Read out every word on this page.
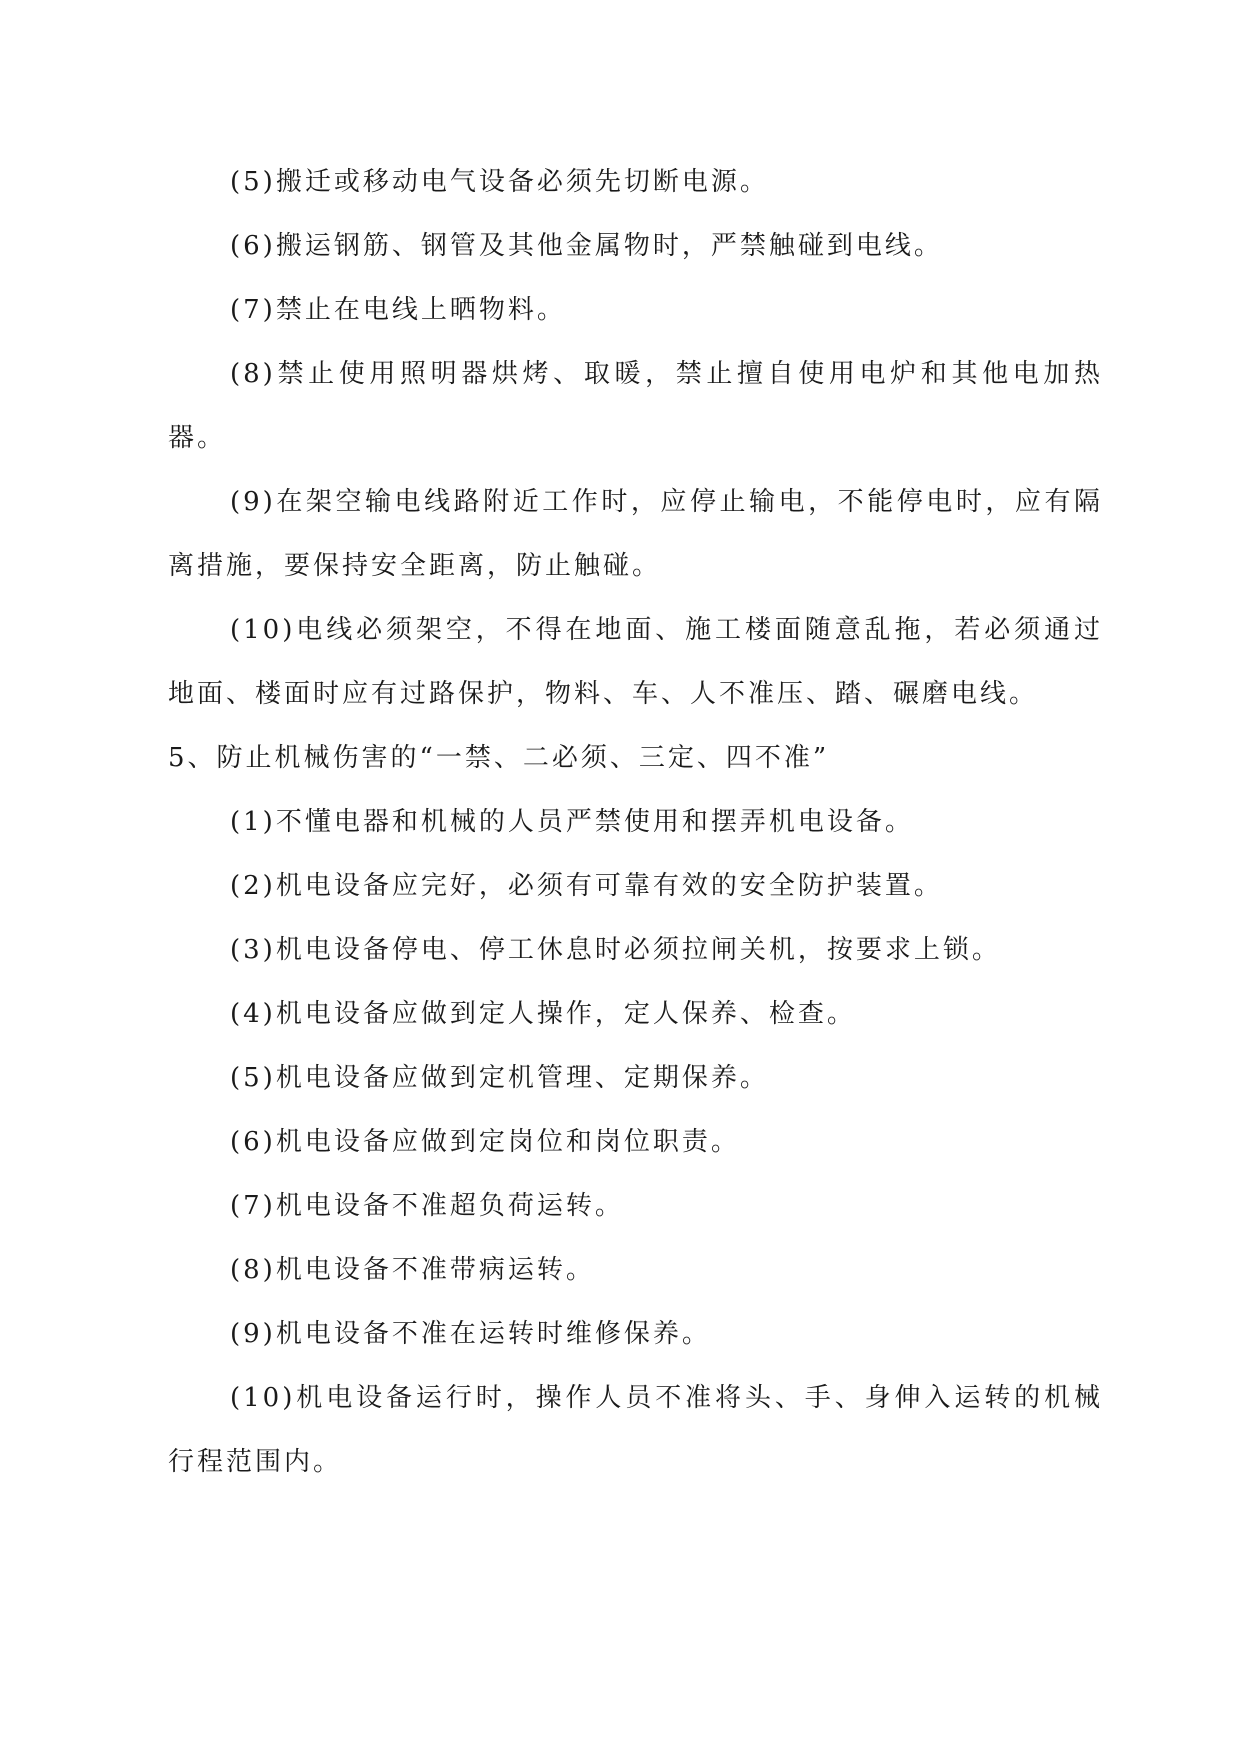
(5)搬迁或移动电气设备必须先切断电源。

(6)搬运钢筋、钢管及其他金属物时，严禁触碰到电线。

(7)禁止在电线上晒物料。

(8)禁止使用照明器烘烤、取暖，禁止擅自使用电炉和其他电加热器。

(9)在架空输电线路附近工作时，应停止输电，不能停电时，应有隔离措施，要保持安全距离，防止触碰。

(10)电线必须架空，不得在地面、施工楼面随意乱拖，若必须通过地面、楼面时应有过路保护，物料、车、人不准压、踏、碾磨电线。

5、防止机械伤害的“一禁、二必须、三定、四不准”

(1)不懂电器和机械的人员严禁使用和摆弄机电设备。

(2)机电设备应完好，必须有可靠有效的安全防护装置。

(3)机电设备停电、停工休息时必须拉闸关机，按要求上锁。

(4)机电设备应做到定人操作，定人保养、检查。

(5)机电设备应做到定机管理、定期保养。

(6)机电设备应做到定岗位和岗位职责。

(7)机电设备不准超负荷运转。

(8)机电设备不准带病运转。

(9)机电设备不准在运转时维修保养。

(10)机电设备运行时，操作人员不准将头、手、身伸入运转的机械行程范围内。
